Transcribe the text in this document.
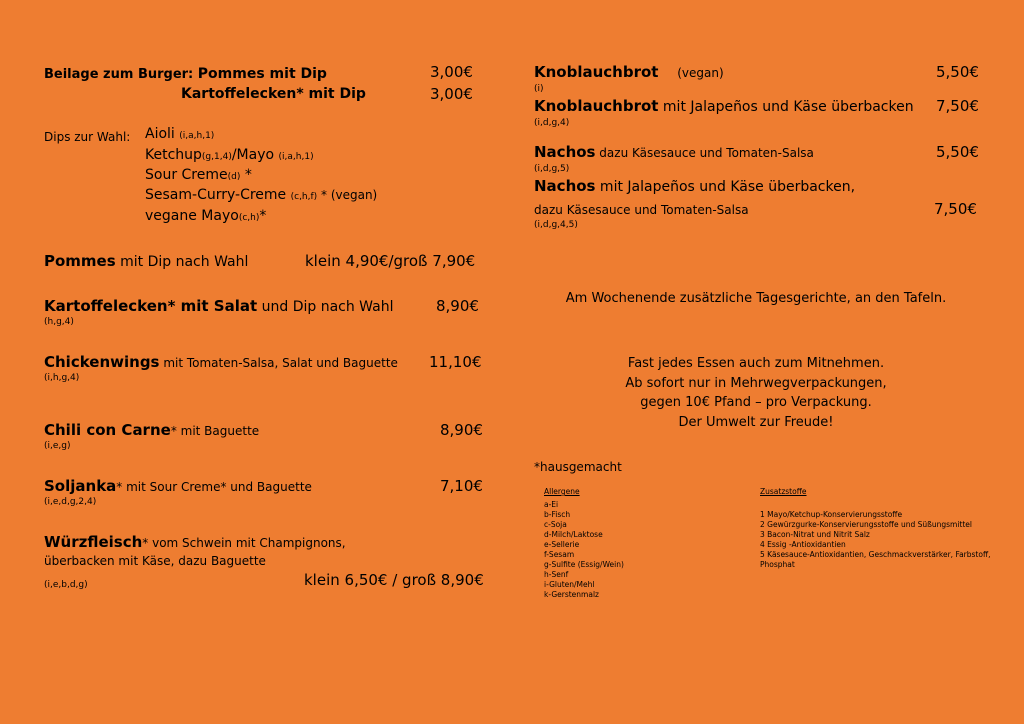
Beilage zum Burger: Pommes mit Dip	3,00€
Kartoffelecken* mit Dip	3,00€
Dips zur Wahl: Aioli (i,a,h,1)
Ketchup(g,1,4)/Mayo (i,a,h,1)
Sour Creme(d) *
Sesam-Curry-Creme (c,h,f) * (vegan)
vegane Mayo(c,h)*
Pommes mit Dip nach Wahl	klein 4,90€/groß 7,90€
Kartoffelecken* mit Salat und Dip nach Wahl	8,90€
(h,g,4)
Chickenwings mit Tomaten-Salsa, Salat und Baguette 11,10€
(i,h,g,4)
Chili con Carne* mit Baguette	8,90€
(i,e,g)
Soljanka* mit Sour Creme* und Baguette	7,10€
(i,e,d,g,2,4)
Würzfleisch* vom Schwein mit Champignons,
überbacken mit Käse, dazu Baguette
(i,e,b,d,g)	klein 6,50€ / groß 8,90€
Knoblauchbrot (vegan)	5,50€
(i)
Knoblauchbrot mit Jalapeños und Käse überbacken 7,50€
(i,d,g,4)
Nachos dazu Käsesauce und Tomaten-Salsa	5,50€
(i,d,g,5)
Nachos mit Jalapeños und Käse überbacken,
dazu Käsesauce und Tomaten-Salsa	7,50€
(i,d,g,4,5)
Am Wochenende zusätzliche Tagesgerichte, an den Tafeln.
Fast jedes Essen auch zum Mitnehmen.
Ab sofort nur in Mehrwegverpackungen,
gegen 10€ Pfand – pro Verpackung.
Der Umwelt zur Freude!
*hausgemacht
Allergene
a-Ei
b-Fisch
c-Soja
d-Milch/Laktose
e-Sellerie
f-Sesam
g-Sulfite (Essig/Wein)
h-Senf
i-Gluten/Mehl
k-Gerstenmalz
Zusatzstoffe
1 Mayo/Ketchup-Konservierungsstoffe
2 Gewürzgurke-Konservierungsstoffe und Süßungsmittel
3 Bacon-Nitrat und Nitrit Salz
4 Essig -Antioxidantien
5 Käsesauce-Antioxidantien, Geschmackverstärker, Farbstoff,
Phosphat
